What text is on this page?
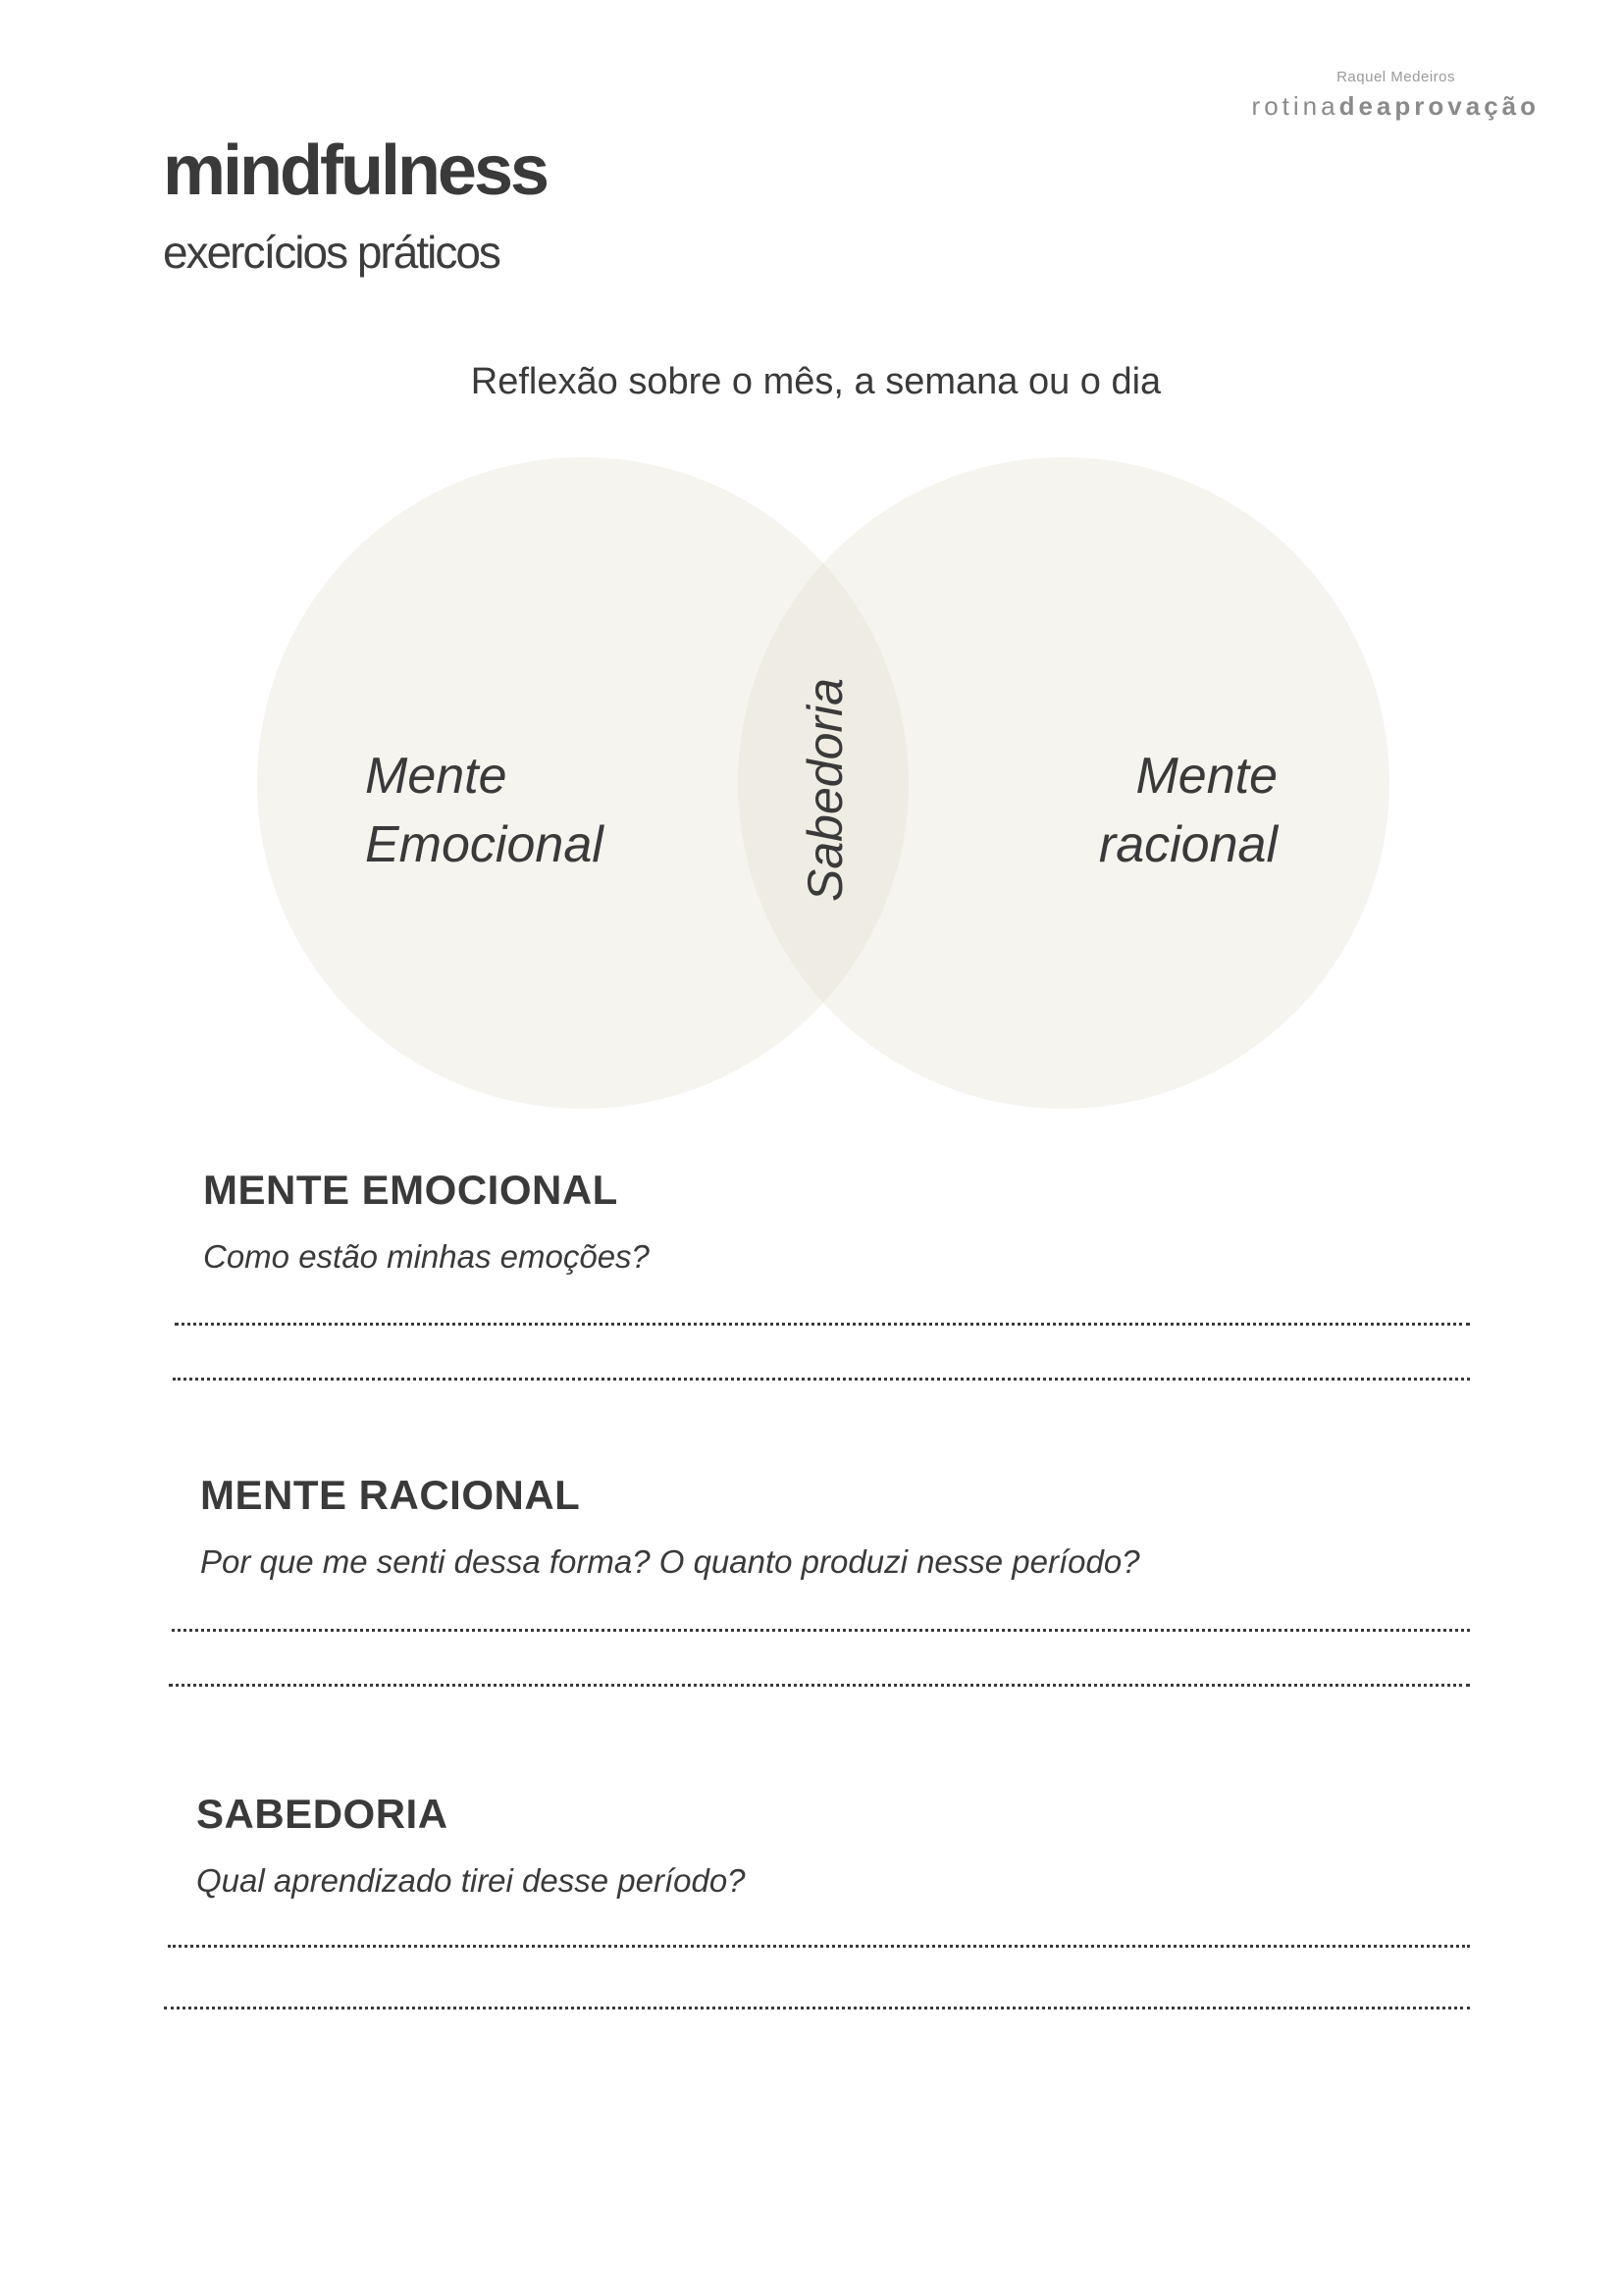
Raquel Medeiros
rotinadeaprovação
mindfulness
exercícios práticos
Reflexão sobre o mês, a semana ou o dia
Mente
Emocional
Mente
racional
Sabedoria
MENTE EMOCIONAL
Como estão minhas emoções?
MENTE RACIONAL
Por que me senti dessa forma? O quanto produzi nesse período?
SABEDORIA
Qual aprendizado tirei desse período?
